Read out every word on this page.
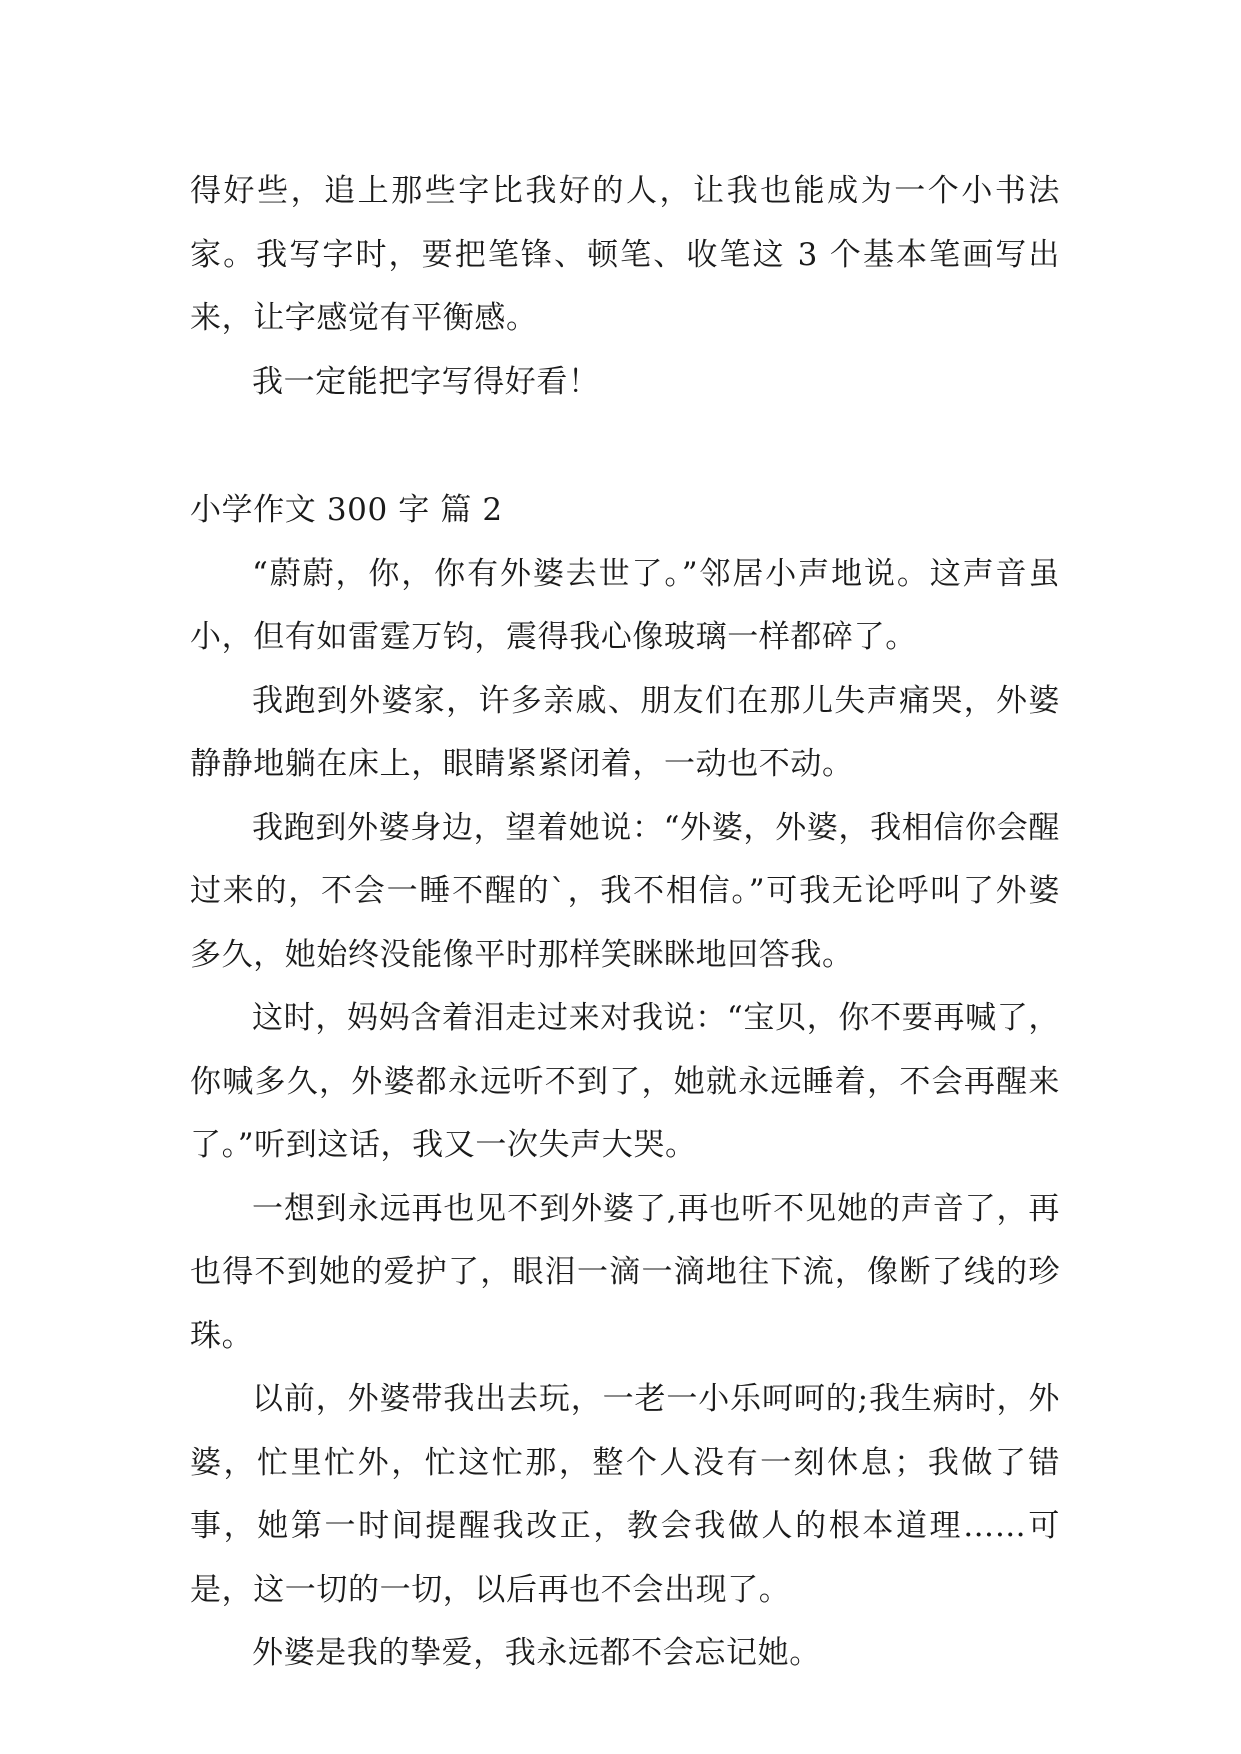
得好些，追上那些字比我好的人，让我也能成为一个小书法家。我写字时，要把笔锋、顿笔、收笔这 3 个基本笔画写出来，让字感觉有平衡感。

我一定能把字写得好看！

小学作文 300 字 篇 2

“蔚蔚，你，你有外婆去世了。”邻居小声地说。这声音虽小，但有如雷霆万钧，震得我心像玻璃一样都碎了。

我跑到外婆家，许多亲戚、朋友们在那儿失声痛哭，外婆静静地躺在床上，眼睛紧紧闭着，一动也不动。

我跑到外婆身边，望着她说：“外婆，外婆，我相信你会醒过来的，不会一睡不醒的`，我不相信。”可我无论呼叫了外婆多久，她始终没能像平时那样笑眯眯地回答我。

这时，妈妈含着泪走过来对我说：“宝贝，你不要再喊了，你喊多久，外婆都永远听不到了，她就永远睡着，不会再醒来了。”听到这话，我又一次失声大哭。

一想到永远再也见不到外婆了,再也听不见她的声音了，再也得不到她的爱护了，眼泪一滴一滴地往下流，像断了线的珍珠。

以前，外婆带我出去玩，一老一小乐呵呵的;我生病时，外婆，忙里忙外，忙这忙那，整个人没有一刻休息；我做了错事，她第一时间提醒我改正，教会我做人的根本道理……可是，这一切的一切，以后再也不会出现了。

外婆是我的挚爱，我永远都不会忘记她。
